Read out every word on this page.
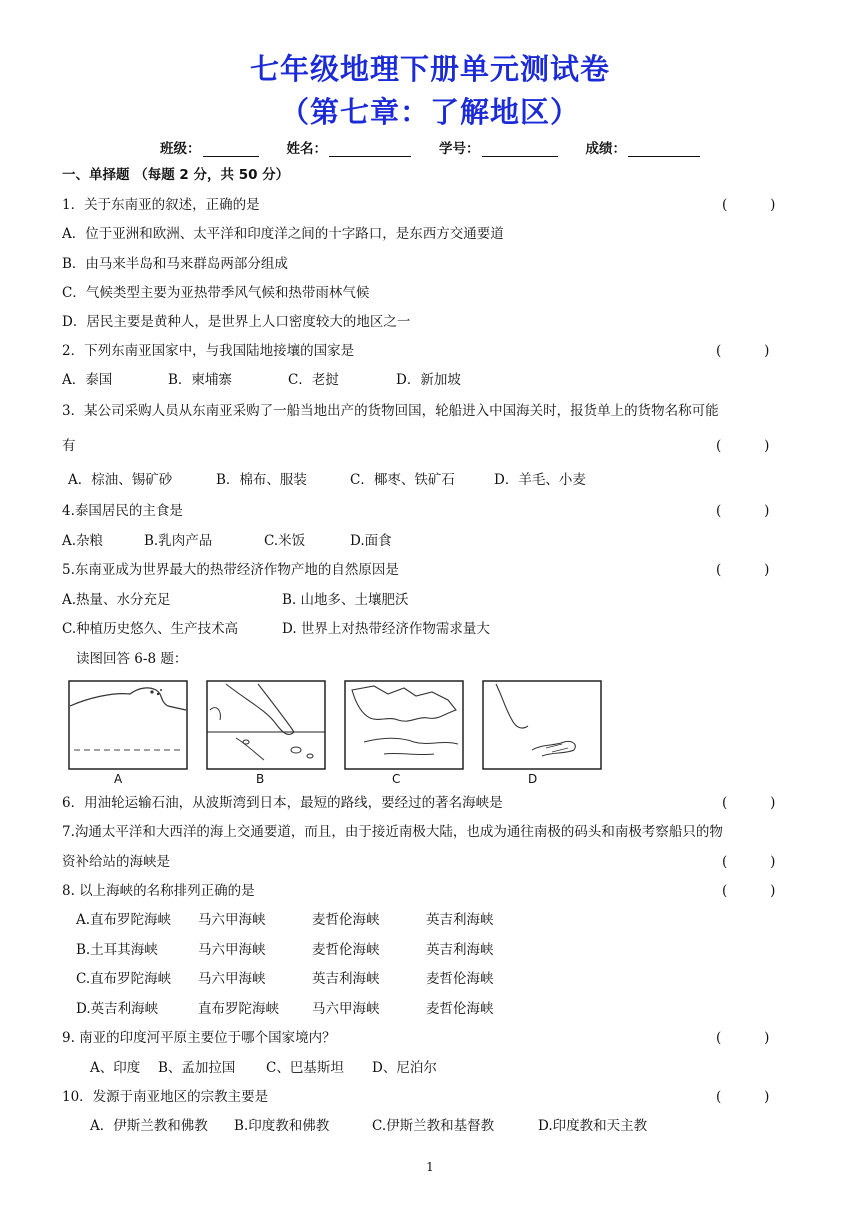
七年级地理下册单元测试卷
（第七章：了解地区）
班级：	姓名：	学号：	成绩：
一、单择题 （每题 2 分，共 50 分）
1．关于东南亚的叙述，正确的是	(          )
A．位于亚洲和欧洲、太平洋和印度洋之间的十字路口，是东西方交通要道
B．由马来半岛和马来群岛两部分组成
C．气候类型主要为亚热带季风气候和热带雨林气候
D．居民主要是黄种人，是世界上人口密度较大的地区之一
2．下列东南亚国家中，与我国陆地接壤的国家是	(          )
A．泰国	B．柬埔寨	C．老挝	D．新加坡
3．某公司采购人员从东南亚采购了一船当地出产的货物回国，轮船进入中国海关时，报货单上的货物名称可能
有	(          )
A．棕油、锡矿砂	B．棉布、服装	C．椰枣、铁矿石	D．羊毛、小麦
4.泰国居民的主食是	(          )
A.杂粮	B.乳肉产品	C.米饭	D.面食
5.东南亚成为世界最大的热带经济作物产地的自然原因是	(          )
A.热量、水分充足	B. 山地多、土壤肥沃
C.种植历史悠久、生产技术高	D. 世界上对热带经济作物需求量大
读图回答 6-8 题：
A	B	C	D
6．用油轮运输石油，从波斯湾到日本，最短的路线，要经过的著名海峡是	(          )
7.沟通太平洋和大西洋的海上交通要道，而且，由于接近南极大陆，也成为通往南极的码头和南极考察船只的物
资补给站的海峡是	(          )
8. 以上海峡的名称排列正确的是	(          )
A.直布罗陀海峡 马六甲海峡	麦哲伦海峡	英吉利海峡
B.土耳其海峡	马六甲海峡	麦哲伦海峡	英吉利海峡
C.直布罗陀海峡 马六甲海峡	英吉利海峡	麦哲伦海峡
D.英吉利海峡	直布罗陀海峡 马六甲海峡	麦哲伦海峡
9. 南亚的印度河平原主要位于哪个国家境内？	(          )
A、印度 B、孟加拉国 C、巴基斯坦 D、尼泊尔
10．发源于南亚地区的宗教主要是	(          )
A．伊斯兰教和佛教 B.印度教和佛教	C.伊斯兰教和基督教	D.印度教和天主教
1
